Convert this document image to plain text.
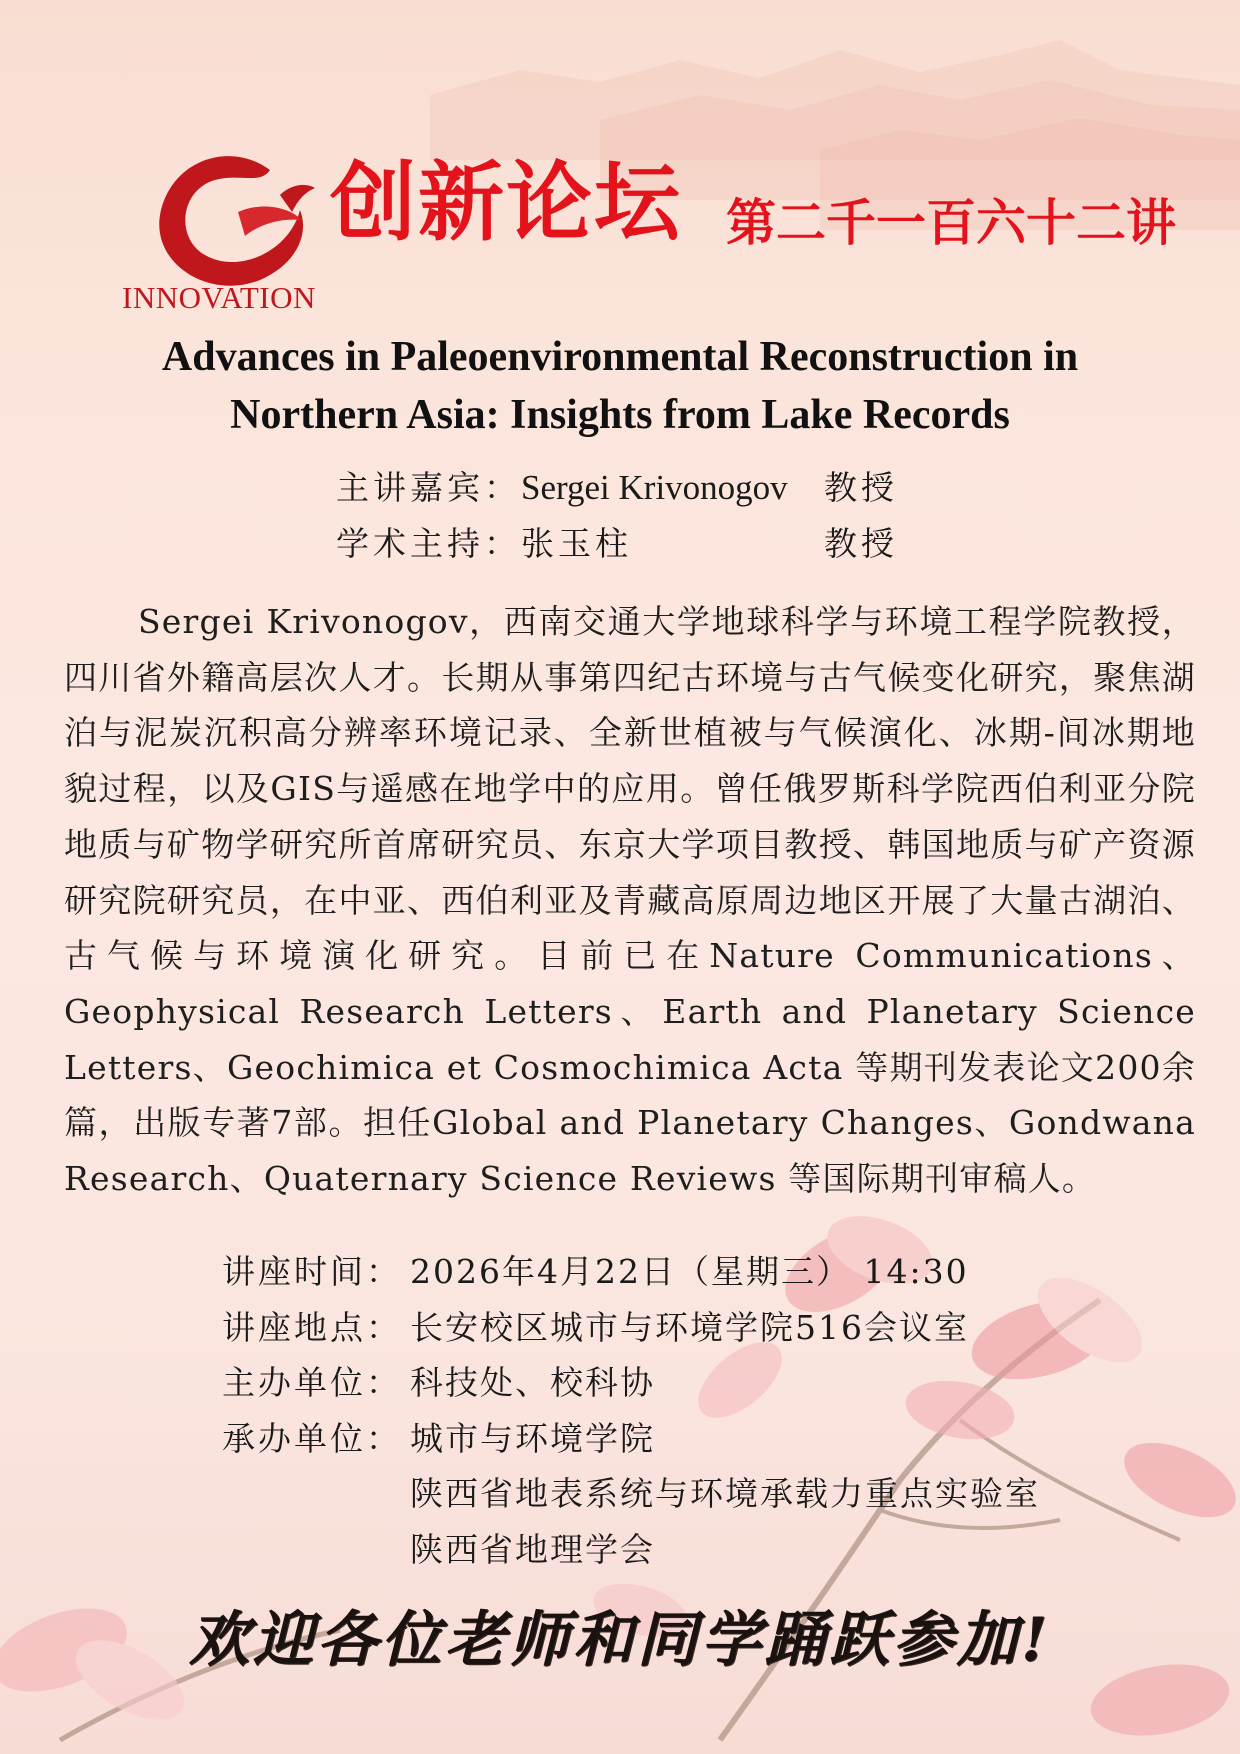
INNOVATION
创新论坛 第二千一百六十二讲
Advances in Paleoenvironmental Reconstruction in
Northern Asia: Insights from Lake Records
主讲嘉宾：Sergei Krivonogov 教授
学术主持：张玉柱	教授
Sergei Krivonogov，西南交通大学地球科学与环境工程学院教授，四川省外籍高层次人才。长期从事第四纪古环境与古气候变化研究，聚焦湖泊与泥炭沉积高分辨率环境记录、全新世植被与气候演化、冰期-间冰期地貌过程，以及GIS与遥感在地学中的应用。曾任俄罗斯科学院西伯利亚分院地质与矿物学研究所首席研究员、东京大学项目教授、韩国地质与矿产资源研究院研究员，在中亚、西伯利亚及青藏高原周边地区开展了大量古湖泊、古气候与环境演化研究。目前已在Nature Communications、Geophysical Research Letters、Earth and Planetary Science Letters、Geochimica et Cosmochimica Acta 等期刊发表论文200余篇，出版专著7部。担任Global and Planetary Changes、Gondwana Research、Quaternary Science Reviews 等国际期刊审稿人。
讲座时间： 2026年4月22日（星期三） 14:30
讲座地点： 长安校区城市与环境学院516会议室
主办单位： 科技处、校科协
承办单位： 城市与环境学院
陕西省地表系统与环境承载力重点实验室
陕西省地理学会
欢迎各位老师和同学踊跃参加!
